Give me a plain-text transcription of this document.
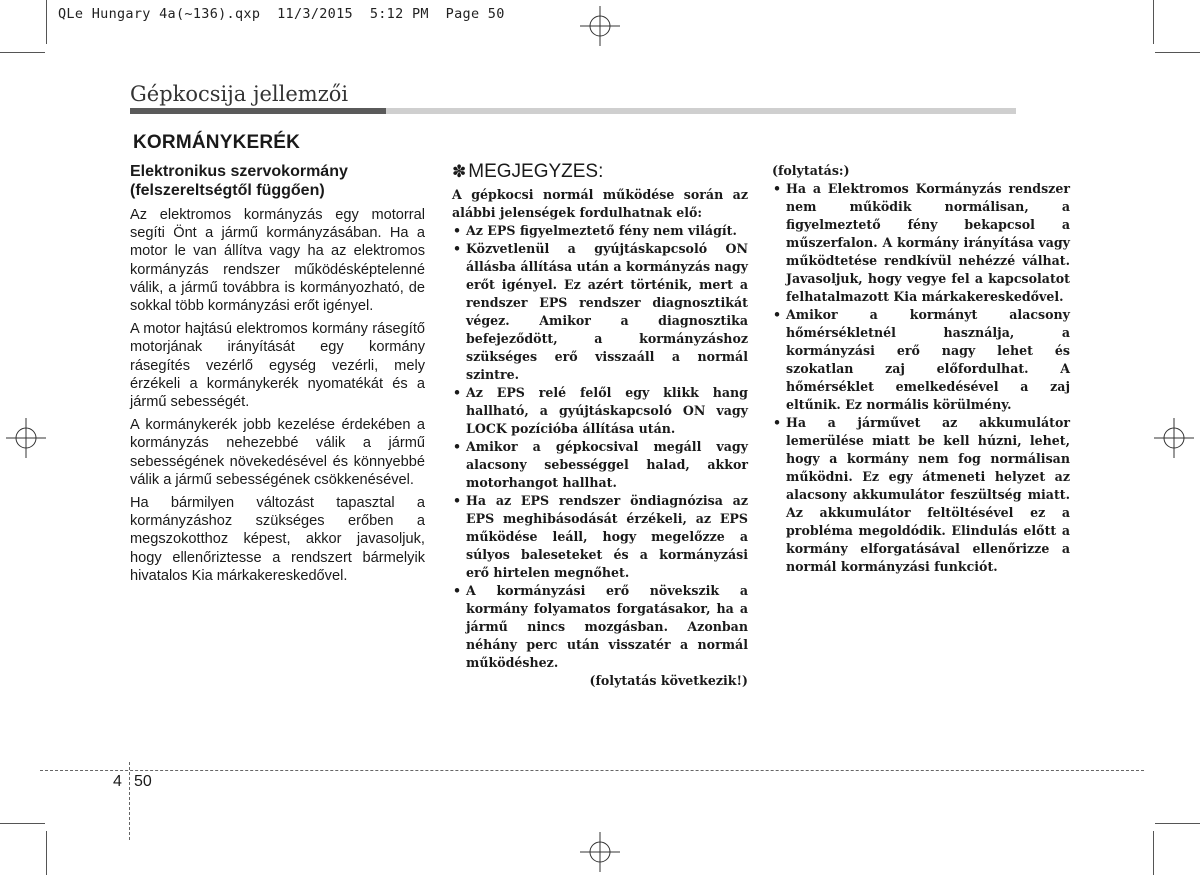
QLe Hungary 4a(~136).qxp  11/3/2015  5:12 PM  Page 50
Gépkocsija jellemzői
KORMÁNYKERÉK
Elektronikus szervokormány (felszereltségtől függően)

Az elektromos kormányzás egy motorral segíti Önt a jármű kormányzásában. Ha a motor le van állítva vagy ha az elektromos kormányzás rendszer működésképtelenné válik, a jármű továbbra is kormányozható, de sokkal több kormányzási erőt igényel.

A motor hajtású elektromos kormány rásegítő motorjának irányítását egy kormány rásegítés vezérlő egység vezérli, mely érzékeli a kormánykerék nyomatékát és a jármű sebességét.

A kormánykerék jobb kezelése érdekében a kormányzás nehezebbé válik a jármű sebességének növekedésével és könnyebbé válik a jármű sebességének csökkenésével.

Ha bármilyen változást tapasztal a kormányzáshoz szükséges erőben a megszokotthoz képest, akkor javasoljuk, hogy ellenőriztesse a rendszert bármelyik hivatalos Kia márkakereskedővel.

✽ MEGJEGYZES:

A gépkocsi normál működése során az alábbi jelenségek fordulhatnak elő:

• Az EPS figyelmeztető fény nem világít.
• Közvetlenül a gyújtáskapcsoló ON állásba állítása után a kormányzás nagy erőt igényel. Ez azért történik, mert a rendszer EPS rendszer diagnosztikát végez. Amikor a diagnosztika befejeződött, a kormányzáshoz szükséges erő visszaáll a normál szintre.
• Az EPS relé felől egy klikk hang hallható, a gyújtáskapcsoló ON vagy LOCK pozícióba állítása után.
• Amikor a gépkocsival megáll vagy alacsony sebességgel halad, akkor motorhangot hallhat.
• Ha az EPS rendszer öndiagnózisa az EPS meghibásodását érzékeli, az EPS működése leáll, hogy megelőzze a súlyos baleseteket és a kormányzási erő hirtelen megnőhet.
• A kormányzási erő növekszik a kormány folyamatos forgatásakor, ha a jármű nincs mozgásban. Azonban néhány perc után visszatér a normál működéshez.

(folytatás következik!)

(folytatás:)

• Ha a Elektromos Kormányzás rendszer nem működik normálisan, a figyelmeztető fény bekapcsol a műszerfalon. A kormány irányítása vagy működtetése rendkívül nehézzé válhat. Javasoljuk, hogy vegye fel a kapcsolatot felhatalmazott Kia márkakereskedővel.
• Amikor a kormányt alacsony hőmérsékletnél használja, a kormányzási erő nagy lehet és szokatlan zaj előfordulhat. A hőmérséklet emelkedésével a zaj eltűnik. Ez normális körülmény.
• Ha a járművet az akkumulátor lemerülése miatt be kell húzni, lehet, hogy a kormány nem fog normálisan működni. Ez egy átmeneti helyzet az alacsony akkumulátor feszültség miatt. Az akkumulátor feltöltésével ez a probléma megoldódik. Elindulás előtt a kormány elforgatásával ellenőrizze a normál kormányzási funkciót.
4 50
